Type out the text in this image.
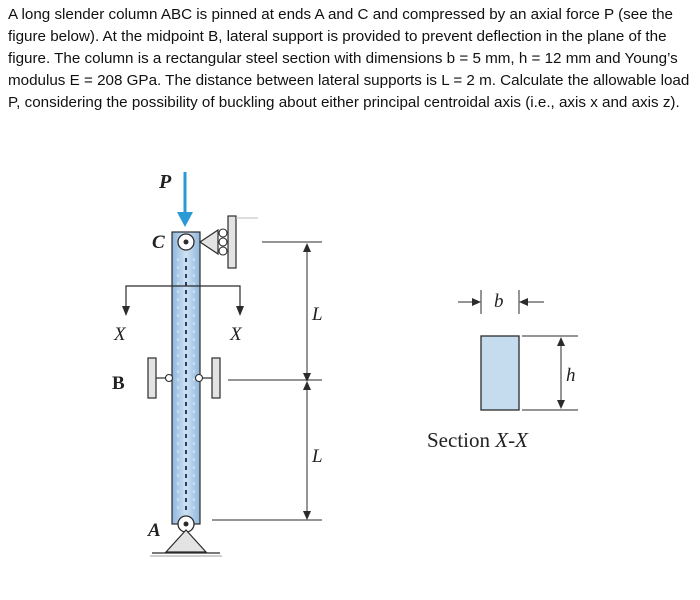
A long slender column ABC is pinned at ends A and C and compressed by an axial force P (see the figure below). At the midpoint B, lateral support is provided to prevent deflection in the plane of the figure. The column is a rectangular steel section with dimensions b = 5 mm, h = 12 mm and Young’s modulus E = 208 GPa. The distance between lateral supports is L = 2 m. Calculate the allowable load P, considering the possibility of buckling about either principal centroidal axis (i.e., axis x and axis z).

P
C
X	X
B
A
L
L
b
h
Section X-X
